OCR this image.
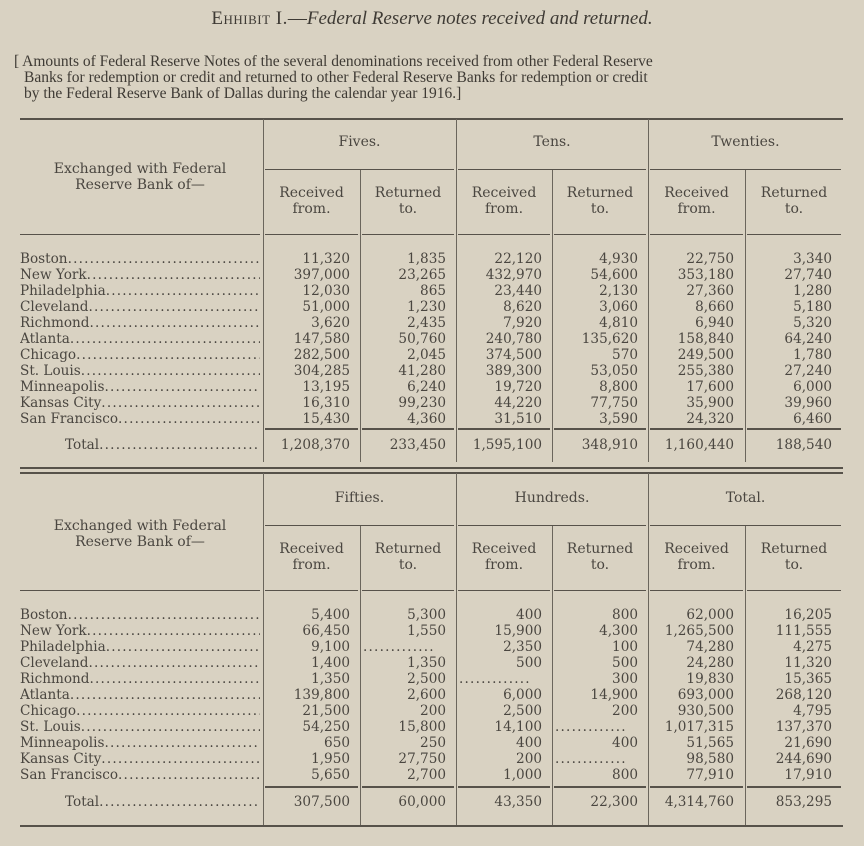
Ehhibit I.—Federal Reserve notes received and returned.
[ Amounts of Federal Reserve Notes of the several denominations received from other Federal Reserve
Banks for redemption or credit and returned to other Federal Reserve Banks for redemption or credit
by the Federal Reserve Bank of Dallas during the calendar year 1916.]
Exchanged with Federal
Reserve Bank of—
Fives.	Tens.	Twenties.
Received
from.
Returned
to.
Received
from.
Returned
to.
Received
from.
Returned
to.
Boston .....	11,320	1,835	22,120	4,930	22,750	3,340
New York .....	397,000	23,265	432,970	54,600	353,180	27,740
Philadelphia .....	12,030	865	23,440	2,130	27,360	1,280
Cleveland .....	51,000	1,230	8,620	3,060	8,660	5,180
Richmond .....	3,620	2,435	7,920	4,810	6,940	5,320
Atlanta .....	147,580	50,760	240,780	135,620	158,840	64,240
Chicago .....	282,500	2,045	374,500	570	249,500	1,780
St. Louis .....	304,285	41,280	389,300	53,050	255,380	27,240
Minneapolis .....	13,195	6,240	19,720	8,800	17,600	6,000
Kansas City .....	16,310	99,230	44,220	77,750	35,900	39,960
San Francisco .....	15,430	4,360	31,510	3,590	24,320	6,460
Total .....	1,208,370	233,450	1,595,100	348,910	1,160,440	188,540
Exchanged with Federal
Reserve Bank of—
Fifties.	Hundreds.	Total.
Received
from.
Returned
to.
Received
from.
Returned
to.
Received
from.
Returned
to.
Boston .....	5,400	5,300	400	800	62,000	16,205
New York .....	66,450	1,550	15,900	4,300	1,265,500	111,555
Philadelphia .....	9,100 .............	2,350	100	74,280	4,275
Cleveland .....	1,400	1,350	500	500	24,280	11,320
Richmond .....	1,350	2,500 .............	300	19,830	15,365
Atlanta .....	139,800	2,600	6,000	14,900	693,000	268,120
Chicago .....	21,500	200	2,500	200	930,500	4,795
St. Louis .....	54,250	15,800	14,100 .............	1,017,315	137,370
Minneapolis .....	650	250	400	400	51,565	21,690
Kansas City .....	1,950	27,750	200 .............	98,580	244,690
San Francisco .....	5,650	2,700	1,000	800	77,910	17,910
Total .....	307,500	60,000	43,350	22,300	4,314,760	853,295
